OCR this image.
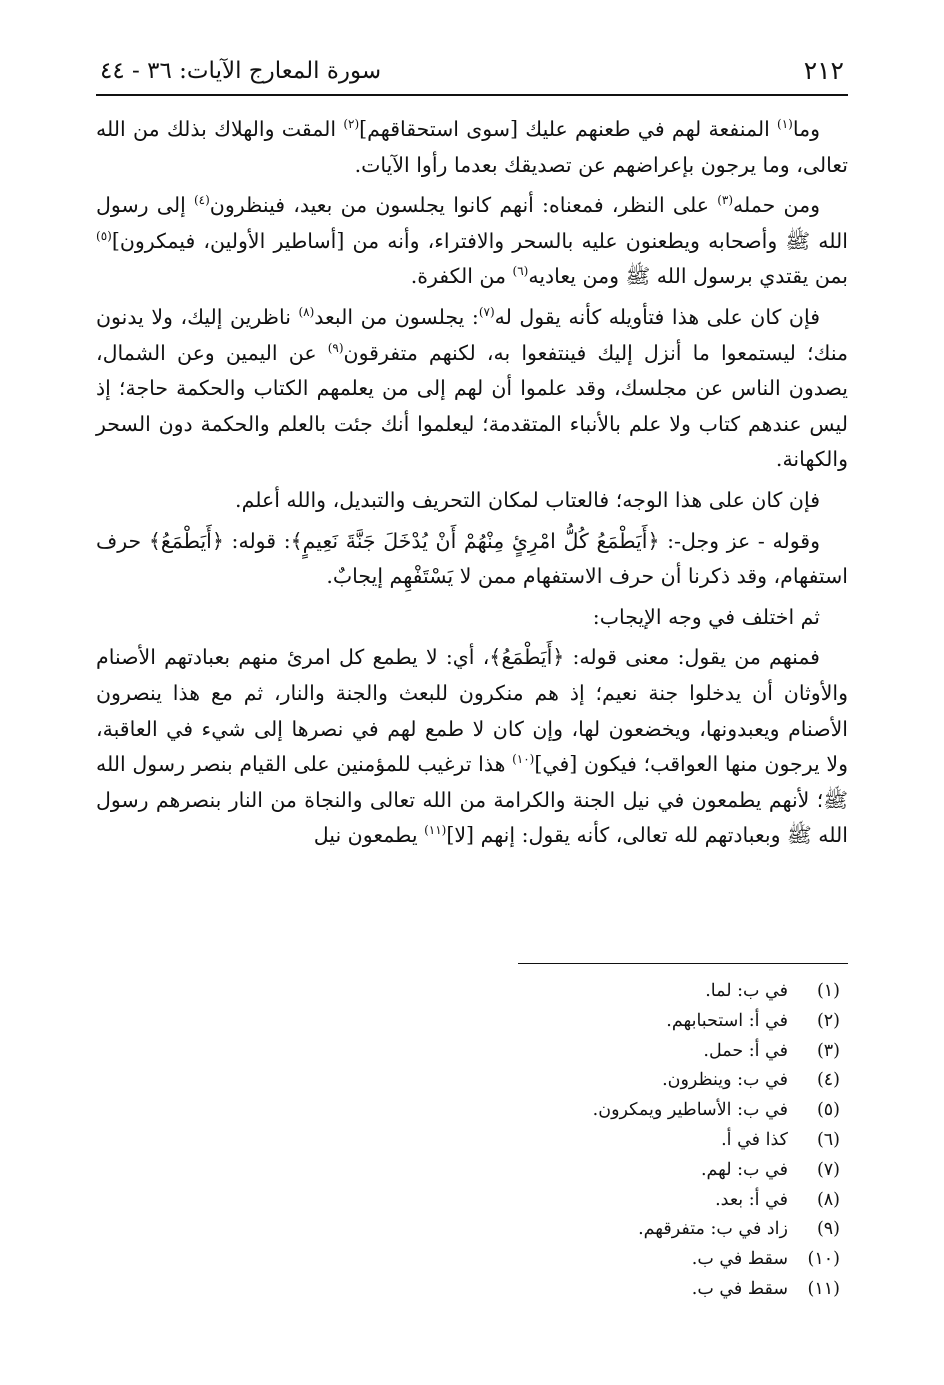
٢١٢
سورة المعارج الآيات: ٣٦ - ٤٤

وما$^{(١)}$ المنفعة لهم في طعنهم عليك [سوى استحقاقهم]$^{(٢)}$ المقت والهلاك بذلك من الله تعالى، وما يرجون بإعراضهم عن تصديقك بعدما رأوا الآيات.

ومن حمله$^{(٣)}$ على النظر، فمعناه: أنهم كانوا يجلسون من بعيد، فينظرون$^{(٤)}$ إلى رسول الله ﷺ وأصحابه ويطعنون عليه بالسحر والافتراء، وأنه من [أساطير الأولين، فيمكرون]$^{(٥)}$ بمن يقتدي برسول الله ﷺ ومن يعاديه$^{(٦)}$ من الكفرة.

فإن كان على هذا فتأويله كأنه يقول له$^{(٧)}$: يجلسون من البعد$^{(٨)}$ ناظرين إليك، ولا يدنون منك؛ ليستمعوا ما أنزل إليك فينتفعوا به، لكنهم متفرقون$^{(٩)}$ عن اليمين وعن الشمال، يصدون الناس عن مجلسك، وقد علموا أن لهم إلى من يعلمهم الكتاب والحكمة حاجة؛ إذ ليس عندهم كتاب ولا علم بالأنباء المتقدمة؛ ليعلموا أنك جئت بالعلم والحكمة دون السحر والكهانة.

فإن كان على هذا الوجه؛ فالعتاب لمكان التحريف والتبديل، والله أعلم.

وقوله - عز وجل-: ﴿أَيَطْمَعُ كُلُّ امْرِئٍ مِنْهُمْ أَنْ يُدْخَلَ جَنَّةَ نَعِيمٍ﴾: قوله: ﴿أَيَطْمَعُ﴾ حرف استفهام، وقد ذكرنا أن حرف الاستفهام ممن لا يَسْتَفْهِم إيجابٌ.

ثم اختلف في وجه الإيجاب:

فمنهم من يقول: معنى قوله: ﴿أَيَطْمَعُ﴾، أي: لا يطمع كل امرئ منهم بعبادتهم الأصنام والأوثان أن يدخلوا جنة نعيم؛ إذ هم منكرون للبعث والجنة والنار، ثم مع هذا ينصرون الأصنام ويعبدونها، ويخضعون لها، وإن كان لا طمع لهم في نصرها إلى شيء في العاقبة، ولا يرجون منها العواقب؛ فيكون [في]$^{(١٠)}$ هذا ترغيب للمؤمنين على القيام بنصر رسول الله ﷺ؛ لأنهم يطمعون في نيل الجنة والكرامة من الله تعالى والنجاة من النار بنصرهم رسول الله ﷺ وبعبادتهم لله تعالى، كأنه يقول: إنهم [لا]$^{(١١)}$ يطمعون نيل

(١)في ب: لما.
(٢)في أ: استحبابهم.
(٣)في أ: حمل.
(٤)في ب: وينظرون.
(٥)في ب: الأساطير ويمكرون.
(٦)كذا في أ.
(٧)في ب: لهم.
(٨)في أ: بعد.
(٩)زاد في ب: متفرقهم.
(١٠)سقط في ب.
(١١)سقط في ب.
